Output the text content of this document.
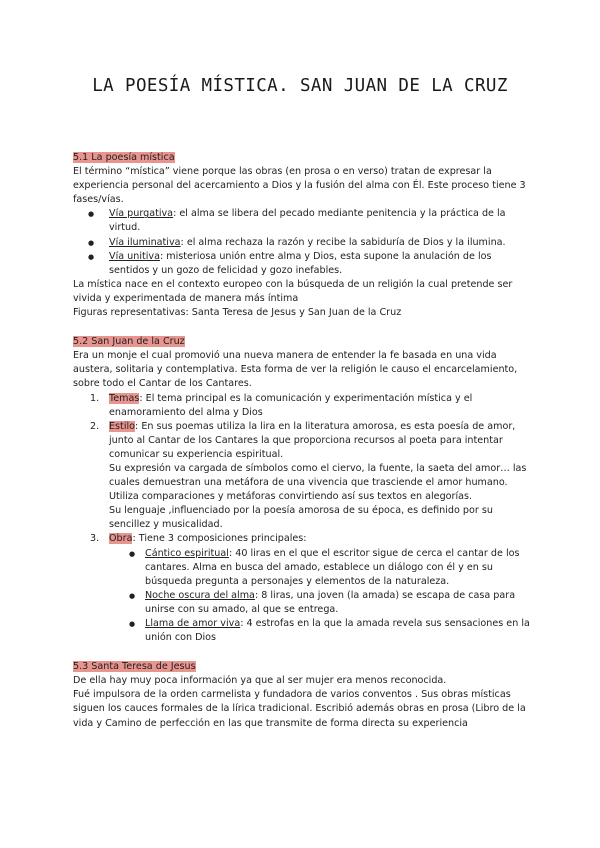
LA POESÍA MÍSTICA. SAN JUAN DE LA CRUZ
5.1 La poesía mística

El término “mística” viene porque las obras (en prosa o en verso) tratan de expresar la experiencia personal del acercamiento a Dios y la fusión del alma con Él. Este proceso tiene 3 fases/vías.

● Vía purgativa: el alma se libera del pecado mediante penitencia y la práctica de la virtud.
● Vía iluminativa: el alma rechaza la razón y recibe la sabiduría de Dios y la ilumina.
● Vía unitiva: misteriosa unión entre alma y Dios, esta supone la anulación de los sentidos y un gozo de felicidad y gozo inefables.

La mística nace en el contexto europeo con la búsqueda de un religión la cual pretende ser vivida y experimentada de manera más íntima

Figuras representativas: Santa Teresa de Jesus y San Juan de la Cruz

5.2 San Juan de la Cruz

Era un monje el cual promovió una nueva manera de entender la fe basada en una vida austera, solitaria y contemplativa. Esta forma de ver la religión le causo el encarcelamiento, sobre todo el Cantar de los Cantares.

1. Temas: El tema principal es la comunicación y experimentación mística y el enamoramiento del alma y Dios
2. Estilo: En sus poemas utiliza la lira en la literatura amorosa, es esta poesía de amor, junto al Cantar de los Cantares la que proporciona recursos al poeta para intentar comunicar su experiencia espiritual.

Su expresión va cargada de símbolos como el ciervo, la fuente, la saeta del amor… las cuales demuestran una metáfora de una vivencia que trasciende el amor humano. Utiliza comparaciones y metáforas convirtiendo así sus textos en alegorías.

Su lenguaje ,influenciado por la poesía amorosa de su época, es definido por su sencillez y musicalidad.

3. Obra: Tiene 3 composiciones principales:
● Cántico espiritual: 40 liras en el que el escritor sigue de cerca el cantar de los cantares. Alma en busca del amado, establece un diálogo con él y en su búsqueda pregunta a personajes y elementos de la naturaleza.
● Noche oscura del alma: 8 liras, una joven (la amada) se escapa de casa para unirse con su amado, al que se entrega.
● Llama de amor viva: 4 estrofas en la que la amada revela sus sensaciones en la unión con Dios
5.3 Santa Teresa de Jesus

De ella hay muy poca información ya que al ser mujer era menos reconocida.

Fué impulsora de la orden carmelista y fundadora de varios conventos . Sus obras místicas siguen los cauces formales de la lírica tradicional. Escribió además obras en prosa (Libro de la vida y Camino de perfección en las que transmite de forma directa su experiencia
